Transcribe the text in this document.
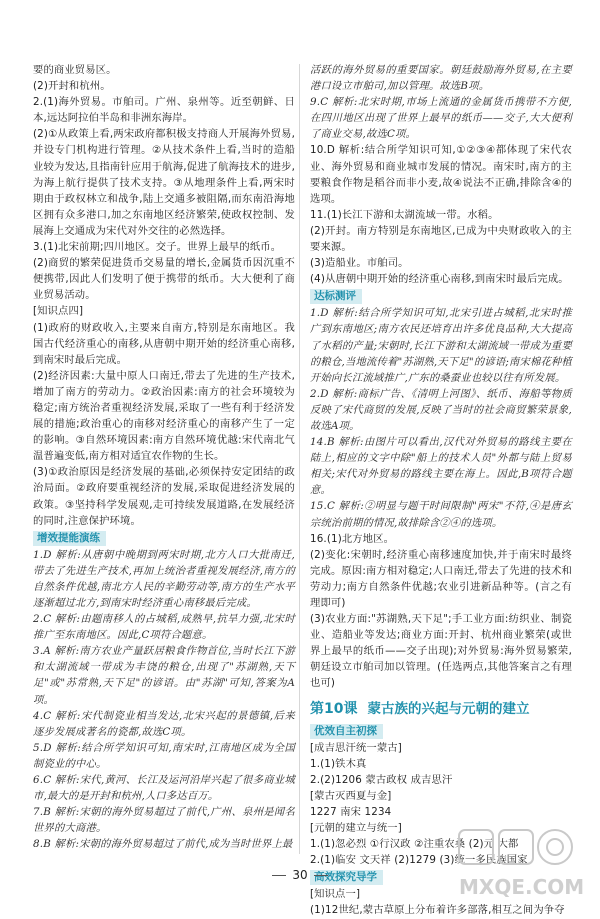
要的商业贸易区。

(2)开封和杭州。

2.(1)海外贸易。市舶司。广州、泉州等。近至朝鲜、日本,远达阿拉伯半岛和非洲东海岸。

(2)①从政策上看,两宋政府都积极支持商人开展海外贸易,并设专门机构进行管理。②从技术条件上看,当时的造船业较为发达,且指南针应用于航海,促进了航海技术的进步,为海上航行提供了技术支持。③从地理条件上看,两宋时期由于政权林立和战争,陆上交通多被阻隔,而东南沿海地区拥有众多港口,加之东南地区经济繁荣,使政权控制、发展海上交通成为宋代对外交往的必然选择。

3.(1)北宋前期;四川地区。交子。世界上最早的纸币。

(2)商贸的繁荣促进货币交易量的增长,金属货币因沉重不便携带,因此人们发明了便于携带的纸币。大大便利了商业贸易活动。

[知识点四]

(1)政府的财政收入,主要来自南方,特别是东南地区。我国古代经济重心的南移,从唐朝中期开始的经济重心南移,到南宋时最后完成。

(2)经济因素:大量中原人口南迁,带去了先进的生产技术,增加了南方的劳动力。②政治因素:南方的社会环境较为稳定;南方统治者重视经济发展,采取了一些有利于经济发展的措施;政治重心的南移对经济重心的南移产生了一定的影响。③自然环境因素:南方自然环境优越:宋代南北气温普遍变低,南方相对适宜农作物的生长。

(3)①政治原因是经济发展的基础,必须保持安定团结的政治局面。②政府要重视经济的发展,采取促进经济发展的政策。③坚持科学发展观,走可持续发展道路,在发展经济的同时,注意保护环境。

增效提能演练

1.D 解析:从唐朝中晚期到两宋时期,北方人口大批南迁,带去了先进生产技术,再加上统治者重视发展经济,南方的自然条件优越,南北方人民的辛勤劳动等,南方的生产水平逐渐超过北方,到南宋时经济重心南移最后完成。

2.C 解析:由题南移人的占城稻,成熟早,抗旱力强,北宋时推广至东南地区。因此,C项符合题意。

3.A 解析:南方农业产量跃居粮食作物首位,当时长江下游和太湖流域一带成为丰饶的粮仓,出现了"苏湖熟,天下足"或"苏常熟,天下足"的谚语。由"苏湖"可知,答案为A项。

4.C 解析:宋代制瓷业相当发达,北宋兴起的景德镇,后来逐步发展成著名的瓷都,故选C项。

5.D 解析:结合所学知识可知,南宋时,江南地区成为全国制瓷业的中心。

6.C 解析:宋代,黄河、长江及运河沿岸兴起了很多商业城市,最大的是开封和杭州,人口多达百万。

7.B 解析:宋朝的海外贸易超过了前代,广州、泉州是闻名世界的大商港。

8.B 解析:宋朝的海外贸易超过了前代,成为当时世界上最

活跃的海外贸易的重要国家。朝廷鼓励海外贸易,在主要港口设立市舶司,加以管理。故选B项。

9.C 解析:北宋时期,市场上流通的金属货币携带不方便,在四川地区出现了世界上最早的纸币——交子,大大便利了商业交易,故选C项。

10.D 解析:结合所学知识可知,①②③④都体现了宋代农业、海外贸易和商业城市发展的情况。南宋时,南方的主要粮食作物是稻谷而非小麦,故④说法不正确,排除含④的选项。

11.(1)长江下游和太湖流域一带。水稻。

(2)开封。南方特别是东南地区,已成为中央财政收入的主要来源。

(3)造船业。市舶司。

(4)从唐朝中期开始的经济重心南移,到南宋时最后完成。

达标测评

1.D 解析:结合所学知识可知,北宋引进占城稻,北宋时推广到东南地区;南方农民还培育出许多优良品种,大大提高了水稻的产量;宋朝时,长江下游和太湖流域一带成为重要的粮仓,当地流传着"苏湖熟,天下足"的谚语;南宋棉花种植开始向长江流域推广,广东的桑蚕业也较以往有所发展。

2.D 解析:商标广告、《清明上河图》、纸币、海船等物质反映了宋代商贸的发展,反映了当时的社会商贸繁荣景象,故选A项。

14.B 解析:由图片可以看出,汉代对外贸易的路线主要在陆上,相应的文字中除"船上的技术人员"外都与陆上贸易相关;宋代对外贸易的路线主要在海上。因此,B项符合题意。

15.C 解析:②明显与题干时间限制"两宋"不符,④是唐玄宗统治前期的情况,故排除含②④的选项。

16.(1)北方地区。

(2)变化:宋朝时,经济重心南移速度加快,并于南宋时最终完成。原因:南方相对稳定;人口南迁,带去了先进的技术和劳动力;南方自然条件优越;农业引进新品种等。(言之有理即可)

(3)农业方面:"苏湖熟,天下足";手工业方面:纺织业、制瓷业、造船业等发达;商业方面:开封、杭州商业繁荣(或世界上最早的纸币——交子出现);对外贸易:海外贸易繁荣,朝廷设立市舶司加以管理。(任选两点,其他答案言之有理也可)

第10课 蒙古族的兴起与元朝的建立
优效自主初探

[成吉思汗统一蒙古]

1.(1)铁木真

2.(2)1206 蒙古政权 成吉思汗

[蒙古灭西夏与金]

1227 南宋 1234

[元朝的建立与统一]

1.(1)忽必烈 ①行汉政 ②注重农桑 (2)元 大都

2.(1)临安 文天祥 (2)1279 (3)统一多民族国家

高效探究导学

[知识点一]

(1)12世纪,蒙古草原上分布着许多部落,相互之间为争夺

30	MXQE.COM
